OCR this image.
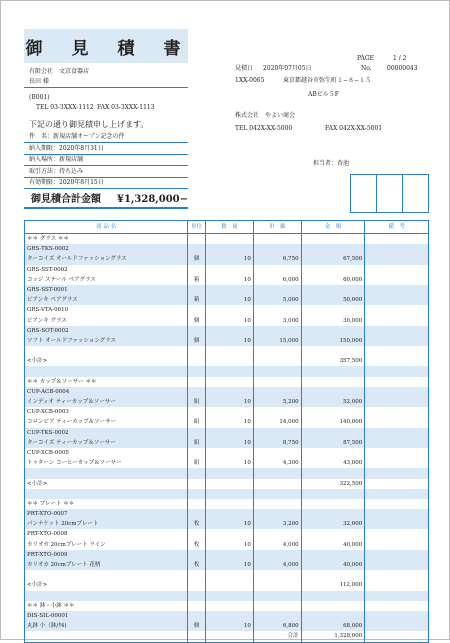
御　見　積　書	PAGE	1 / 2
有限会社　文京食器店
長田 様
(B001)
TEL 03-3XXX-1112 FAX 03-3XXX-1113
下記の通り御見積申し上げます。
件　名：新規店舗オープン記念の件
納入期限：2020年8月31日
納入場所：新規店舗
取引方法：持ち込み
有効期限：2020年8月15日
御見積合計金額 ¥1,328,000−
見積日 2020年07月05日	No.	00000043
1XX-0065	東京都越谷市弥生町１−８−１５
ABビル５F
株式会社　やよい商会
TEL 042X-XX-5000	FAX 042X-XX-5001
担当者：杏池
商 品 名	単位	数　量	単　価	金　額	備　考
＊＊ グラス ＊＊
GRS-TKS-0002
ターコイズ オールドファッショングラス	個	10	6,750	67,500
GRS-SST-0002
コッジ ステール ペアグラス	箱	10	6,000	60,000
GRS-SST-0001
ビアンキ ペアグラス	箱	10	5,000	50,000
GRS-VTA-0010
ビアンキ グラス	個	10	3,000	30,000
GRS-SOT-0002
ソフト オールドファッショングラス	個	10	15,000	150,000
<小計>	357,500
＊＊ カップ＆ソーサー ＊＊
CUP-ACB-0004
インディオ ティーカップ＆ソーサー	組	10	5,200	52,000
CUP-XCB-0003
コロンビア ティーカップ＆ソーサー	組	10	14,000	140,000
CUP-TKS-0002
ターコイズ ティーカップ＆ソーサー	組	10	8,750	87,500
CUP-XCB-0005
トゥターン コーヒーカップ＆ソーサー	組	10	4,300	43,000
<小計>	322,500
＊＊ プレート ＊＊
PRT-XTO-0007
パンナケット 20cmプレート	枚	10	3,200	32,000
PRT-XTO-0008
カリオカ 20cmプレート ライン	枚	10	4,000	40,000
PRT-XTO-0009
カリオカ 20cmプレート 花柄	枚	10	4,000	40,000
<小計>	112,000
＊＊ 鉢・小鉢 ＊＊
DIS-SIL-00001
丸鉢 小（鉢/ﾀ4)	個	10	6,800	68,000
合計	1,328,000
